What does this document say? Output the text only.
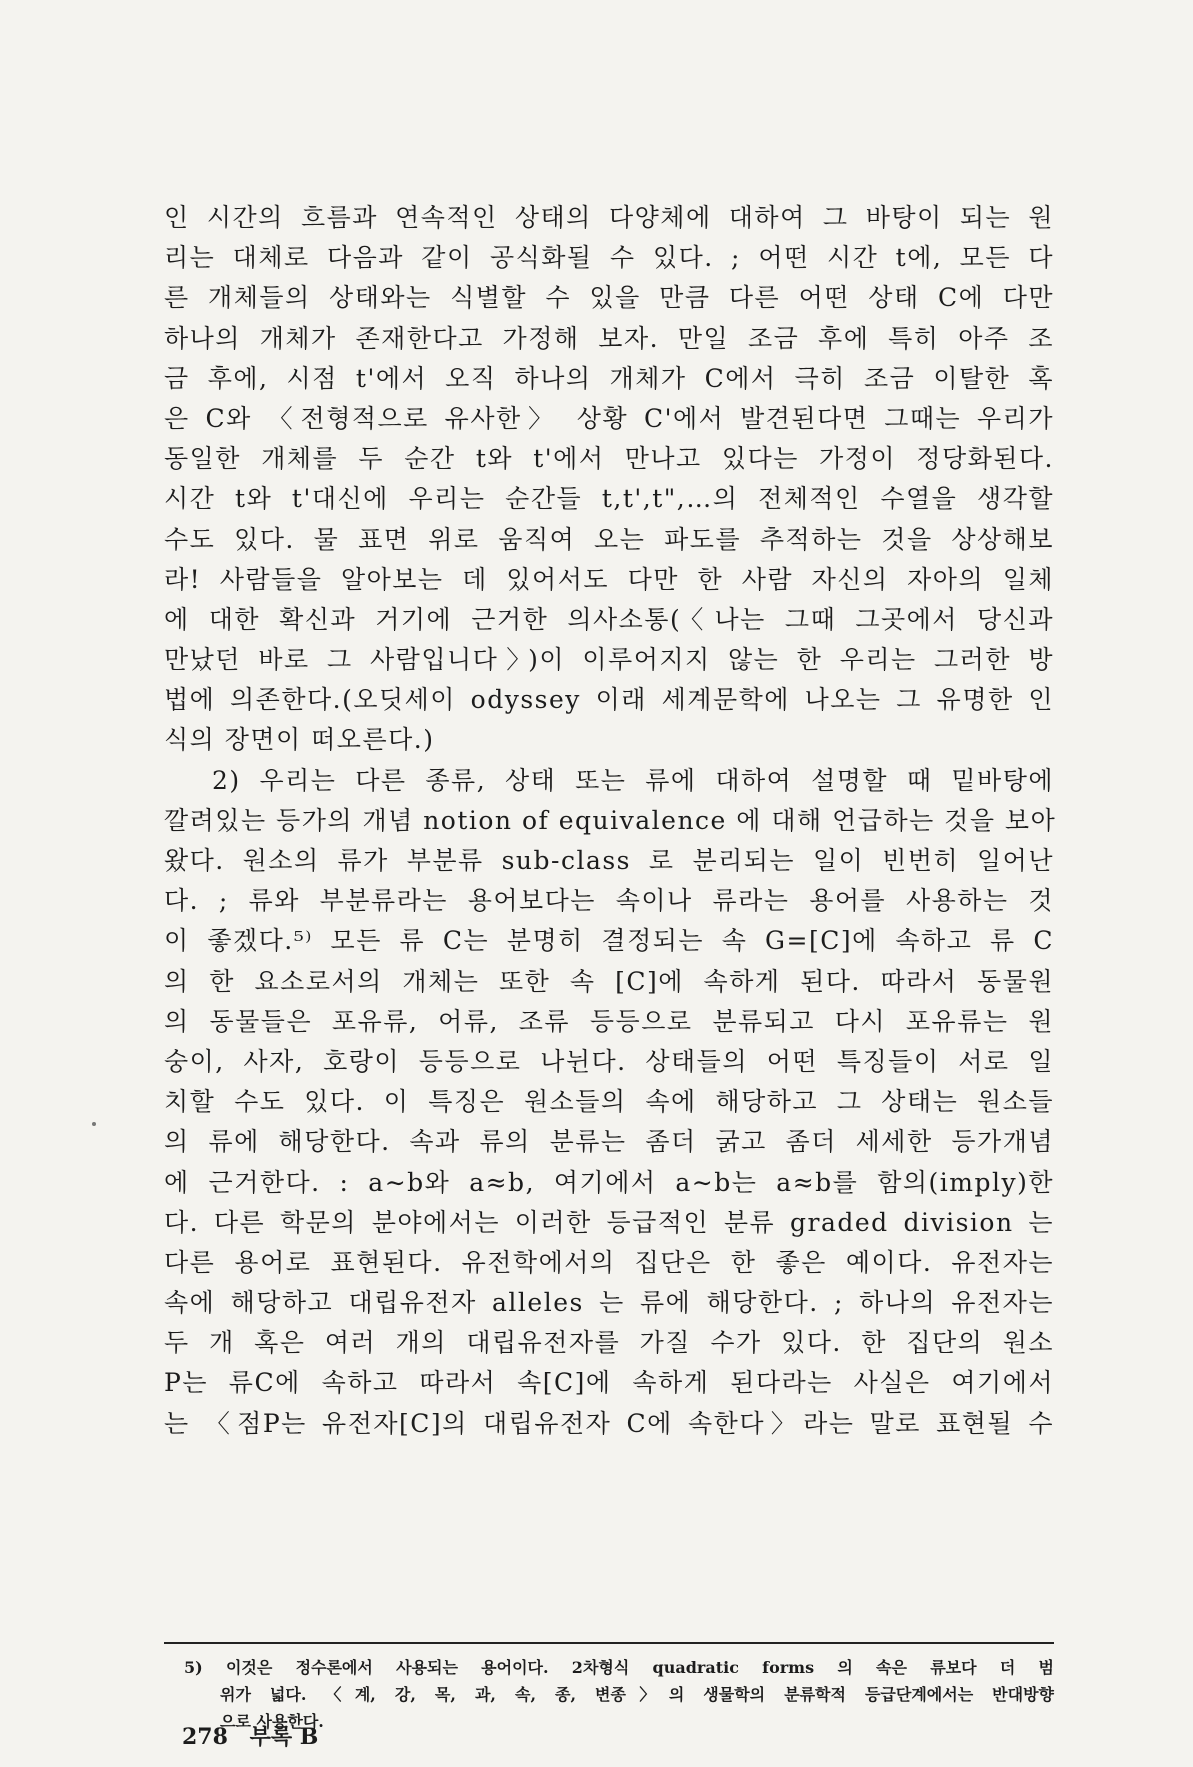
인 시간의 흐름과 연속적인 상태의 다양체에 대하여 그 바탕이 되는 원
리는 대체로 다음과 같이 공식화될 수 있다. ; 어떤 시간 t에, 모든 다
른 개체들의 상태와는 식별할 수 있을 만큼 다른 어떤 상태 C에 다만
하나의 개체가 존재한다고 가정해 보자. 만일 조금 후에 특히 아주 조
금 후에, 시점 t'에서 오직 하나의 개체가 C에서 극히 조금 이탈한 혹
은 C와 〈전형적으로 유사한〉 상황 C'에서 발견된다면 그때는 우리가
동일한 개체를 두 순간 t와 t'에서 만나고 있다는 가정이 정당화된다.
시간 t와 t'대신에 우리는 순간들 t,t',t",…의 전체적인 수열을 생각할
수도 있다. 물 표면 위로 움직여 오는 파도를 추적하는 것을 상상해보
라! 사람들을 알아보는 데 있어서도 다만 한 사람 자신의 자아의 일체
에 대한 확신과 거기에 근거한 의사소통(〈나는 그때 그곳에서 당신과
만났던 바로 그 사람입니다〉)이 이루어지지 않는 한 우리는 그러한 방
법에 의존한다.(오딧세이 odyssey 이래 세계문학에 나오는 그 유명한 인
식의 장면이 떠오른다.)
2) 우리는 다른 종류, 상태 또는 류에 대하여 설명할 때 밑바탕에
깔려있는 등가의 개념 notion of equivalence 에 대해 언급하는 것을 보아
왔다. 원소의 류가 부분류 sub-class 로 분리되는 일이 빈번히 일어난
다. ; 류와 부분류라는 용어보다는 속이나 류라는 용어를 사용하는 것
이 좋겠다.⁵⁾ 모든 류 C는 분명히 결정되는 속 G=[C]에 속하고 류 C
의 한 요소로서의 개체는 또한 속 [C]에 속하게 된다. 따라서 동물원
의 동물들은 포유류, 어류, 조류 등등으로 분류되고 다시 포유류는 원
숭이, 사자, 호랑이 등등으로 나뉜다. 상태들의 어떤 특징들이 서로 일
치할 수도 있다. 이 특징은 원소들의 속에 해당하고 그 상태는 원소들
의 류에 해당한다. 속과 류의 분류는 좀더 굵고 좀더 세세한 등가개념
에 근거한다. : a∼b와 a≈b, 여기에서 a∼b는 a≈b를 함의(imply)한
다. 다른 학문의 분야에서는 이러한 등급적인 분류 graded division 는
다른 용어로 표현된다. 유전학에서의 집단은 한 좋은 예이다. 유전자는
속에 해당하고 대립유전자 alleles 는 류에 해당한다. ; 하나의 유전자는
두 개 혹은 여러 개의 대립유전자를 가질 수가 있다. 한 집단의 원소
P는 류C에 속하고 따라서 속[C]에 속하게 된다라는 사실은 여기에서
는 〈점P는 유전자[C]의 대립유전자 C에 속한다〉라는 말로 표현될 수
5) 이것은 정수론에서 사용되는 용어이다. 2차형식 quadratic forms 의 속은 류보다 더 범
위가 넓다. 〈계, 강, 목, 과, 속, 종, 변종〉의 생물학의 분류학적 등급단계에서는 반대방향
으로 사용한다.
278 부록 B
